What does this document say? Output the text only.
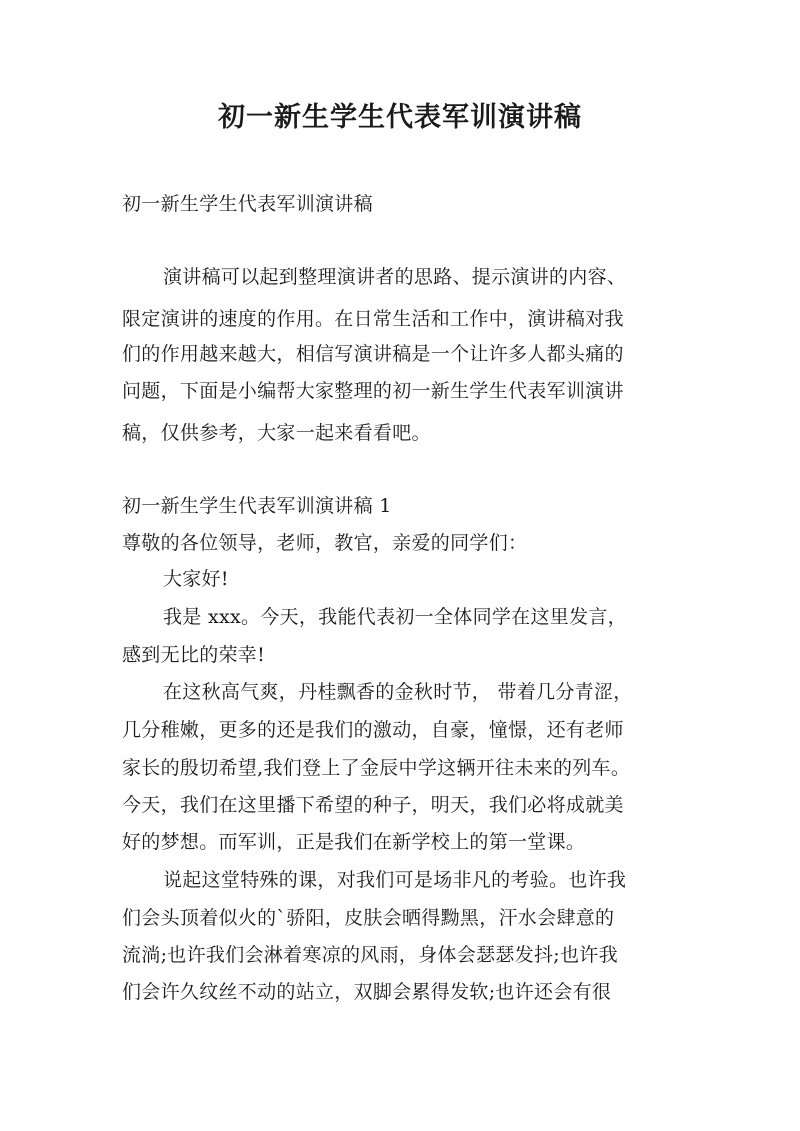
初一新生学生代表军训演讲稿

初一新生学生代表军训演讲稿

演讲稿可以起到整理演讲者的思路、提示演讲的内容、

限定演讲的速度的作用。在日常生活和工作中，演讲稿对我

们的作用越来越大，相信写演讲稿是一个让许多人都头痛的

问题，下面是小编帮大家整理的初一新生学生代表军训演讲

稿，仅供参考，大家一起来看看吧。

初一新生学生代表军训演讲稿 1

尊敬的各位领导，老师，教官，亲爱的同学们：

大家好!

我是 xxx。今天，我能代表初一全体同学在这里发言，

感到无比的荣幸!

在这秋高气爽，丹桂飘香的金秋时节， 带着几分青涩，

几分稚嫩，更多的还是我们的激动，自豪，憧憬，还有老师

家长的殷切希望,我们登上了金辰中学这辆开往未来的列车。

今天，我们在这里播下希望的种子，明天，我们必将成就美

好的梦想。而军训，正是我们在新学校上的第一堂课。

说起这堂特殊的课，对我们可是场非凡的考验。也许我

们会头顶着似火的`骄阳，皮肤会晒得黝黑，汗水会肆意的

流淌;也许我们会淋着寒凉的风雨，身体会瑟瑟发抖;也许我

们会许久纹丝不动的站立，双脚会累得发软;也许还会有很
